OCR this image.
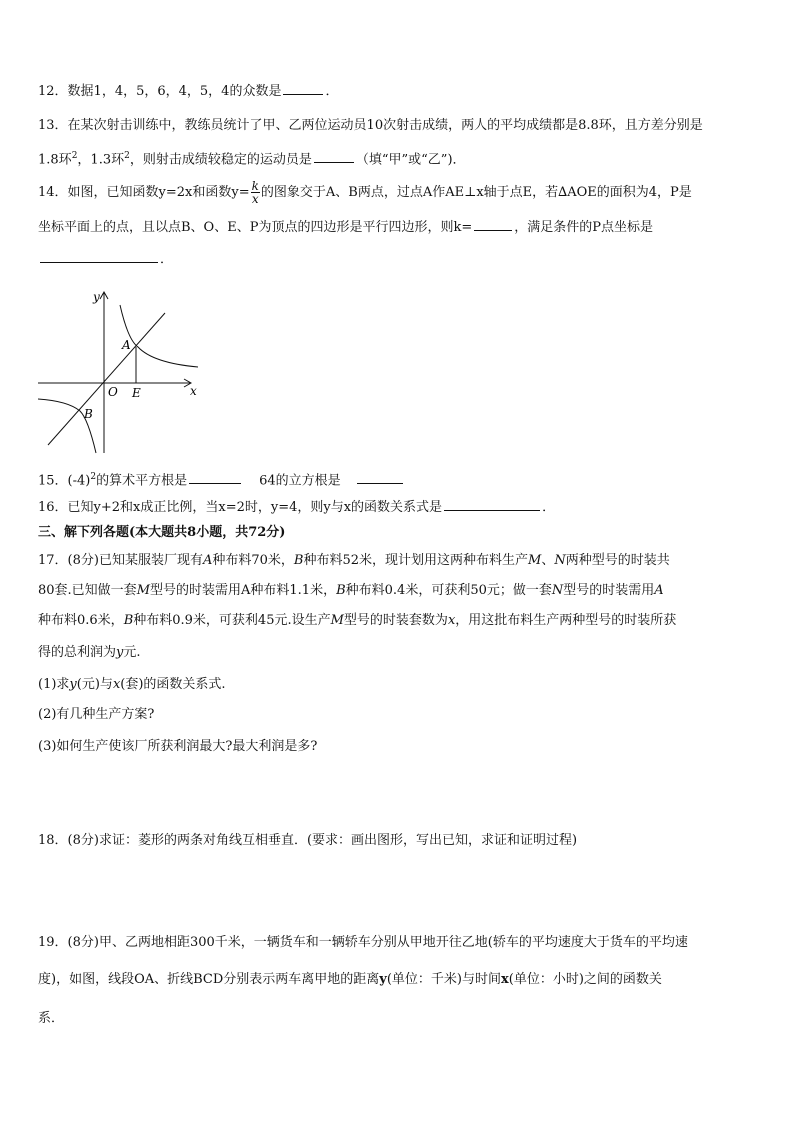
12．数据1，4，5，6，4，5，4的众数是	．
13．在某次射击训练中，教练员统计了甲、乙两位运动员10次射击成绩，两人的平均成绩都是8.8环，且方差分别是
1.8环$^2$，1.3环$^2$，则射击成绩较稳定的运动员是	（填“甲”或“乙”)．
14．如图，已知函数y=2x和函数$y= \frac{k}{x}$ 的图象交于A、B两点，过点A作AE⊥x轴于点E，若∆AOE的面积为4，P是
坐标平面上的点，且以点B、O、E、P为顶点的四边形是平行四边形，则k=	，满足条件的P点坐标是
．
y
x
A
B
O E
15．$(-4)^2$的算术平方根是	64的立方根是
16．已知y+2和x成正比例，当x=2时，y=4，则y与x的函数关系式是	．
三、解下列各题(本大题共8小题，共72分)
17．(8分)已知某服装厂现有A种布料70米，B种布料52米，现计划用这两种布料生产M、N两种型号的时装共
80套.已知做一套M型号的时装需用A种布料1.1米，B种布料0.4米，可获利50元；做一套N型号的时装需用A
种布料0.6米，B种布料0.9米，可获利45元.设生产M型号的时装套数为x，用这批布料生产两种型号的时装所获
得的总利润为y元.
(1)求y(元)与x(套)的函数关系式.
(2)有几种生产方案?
(3)如何生产使该厂所获利润最大?最大利润是多?
18．(8分)求证：菱形的两条对角线互相垂直．(要求：画出图形，写出已知，求证和证明过程)
19．(8分)甲、乙两地相距300千米，一辆货车和一辆轿车分别从甲地开往乙地(轿车的平均速度大于货车的平均速
度)，如图，线段OA、折线BCD分别表示两车离甲地的距离y(单位：千米)与时间x(单位：小时)之间的函数关
系．
